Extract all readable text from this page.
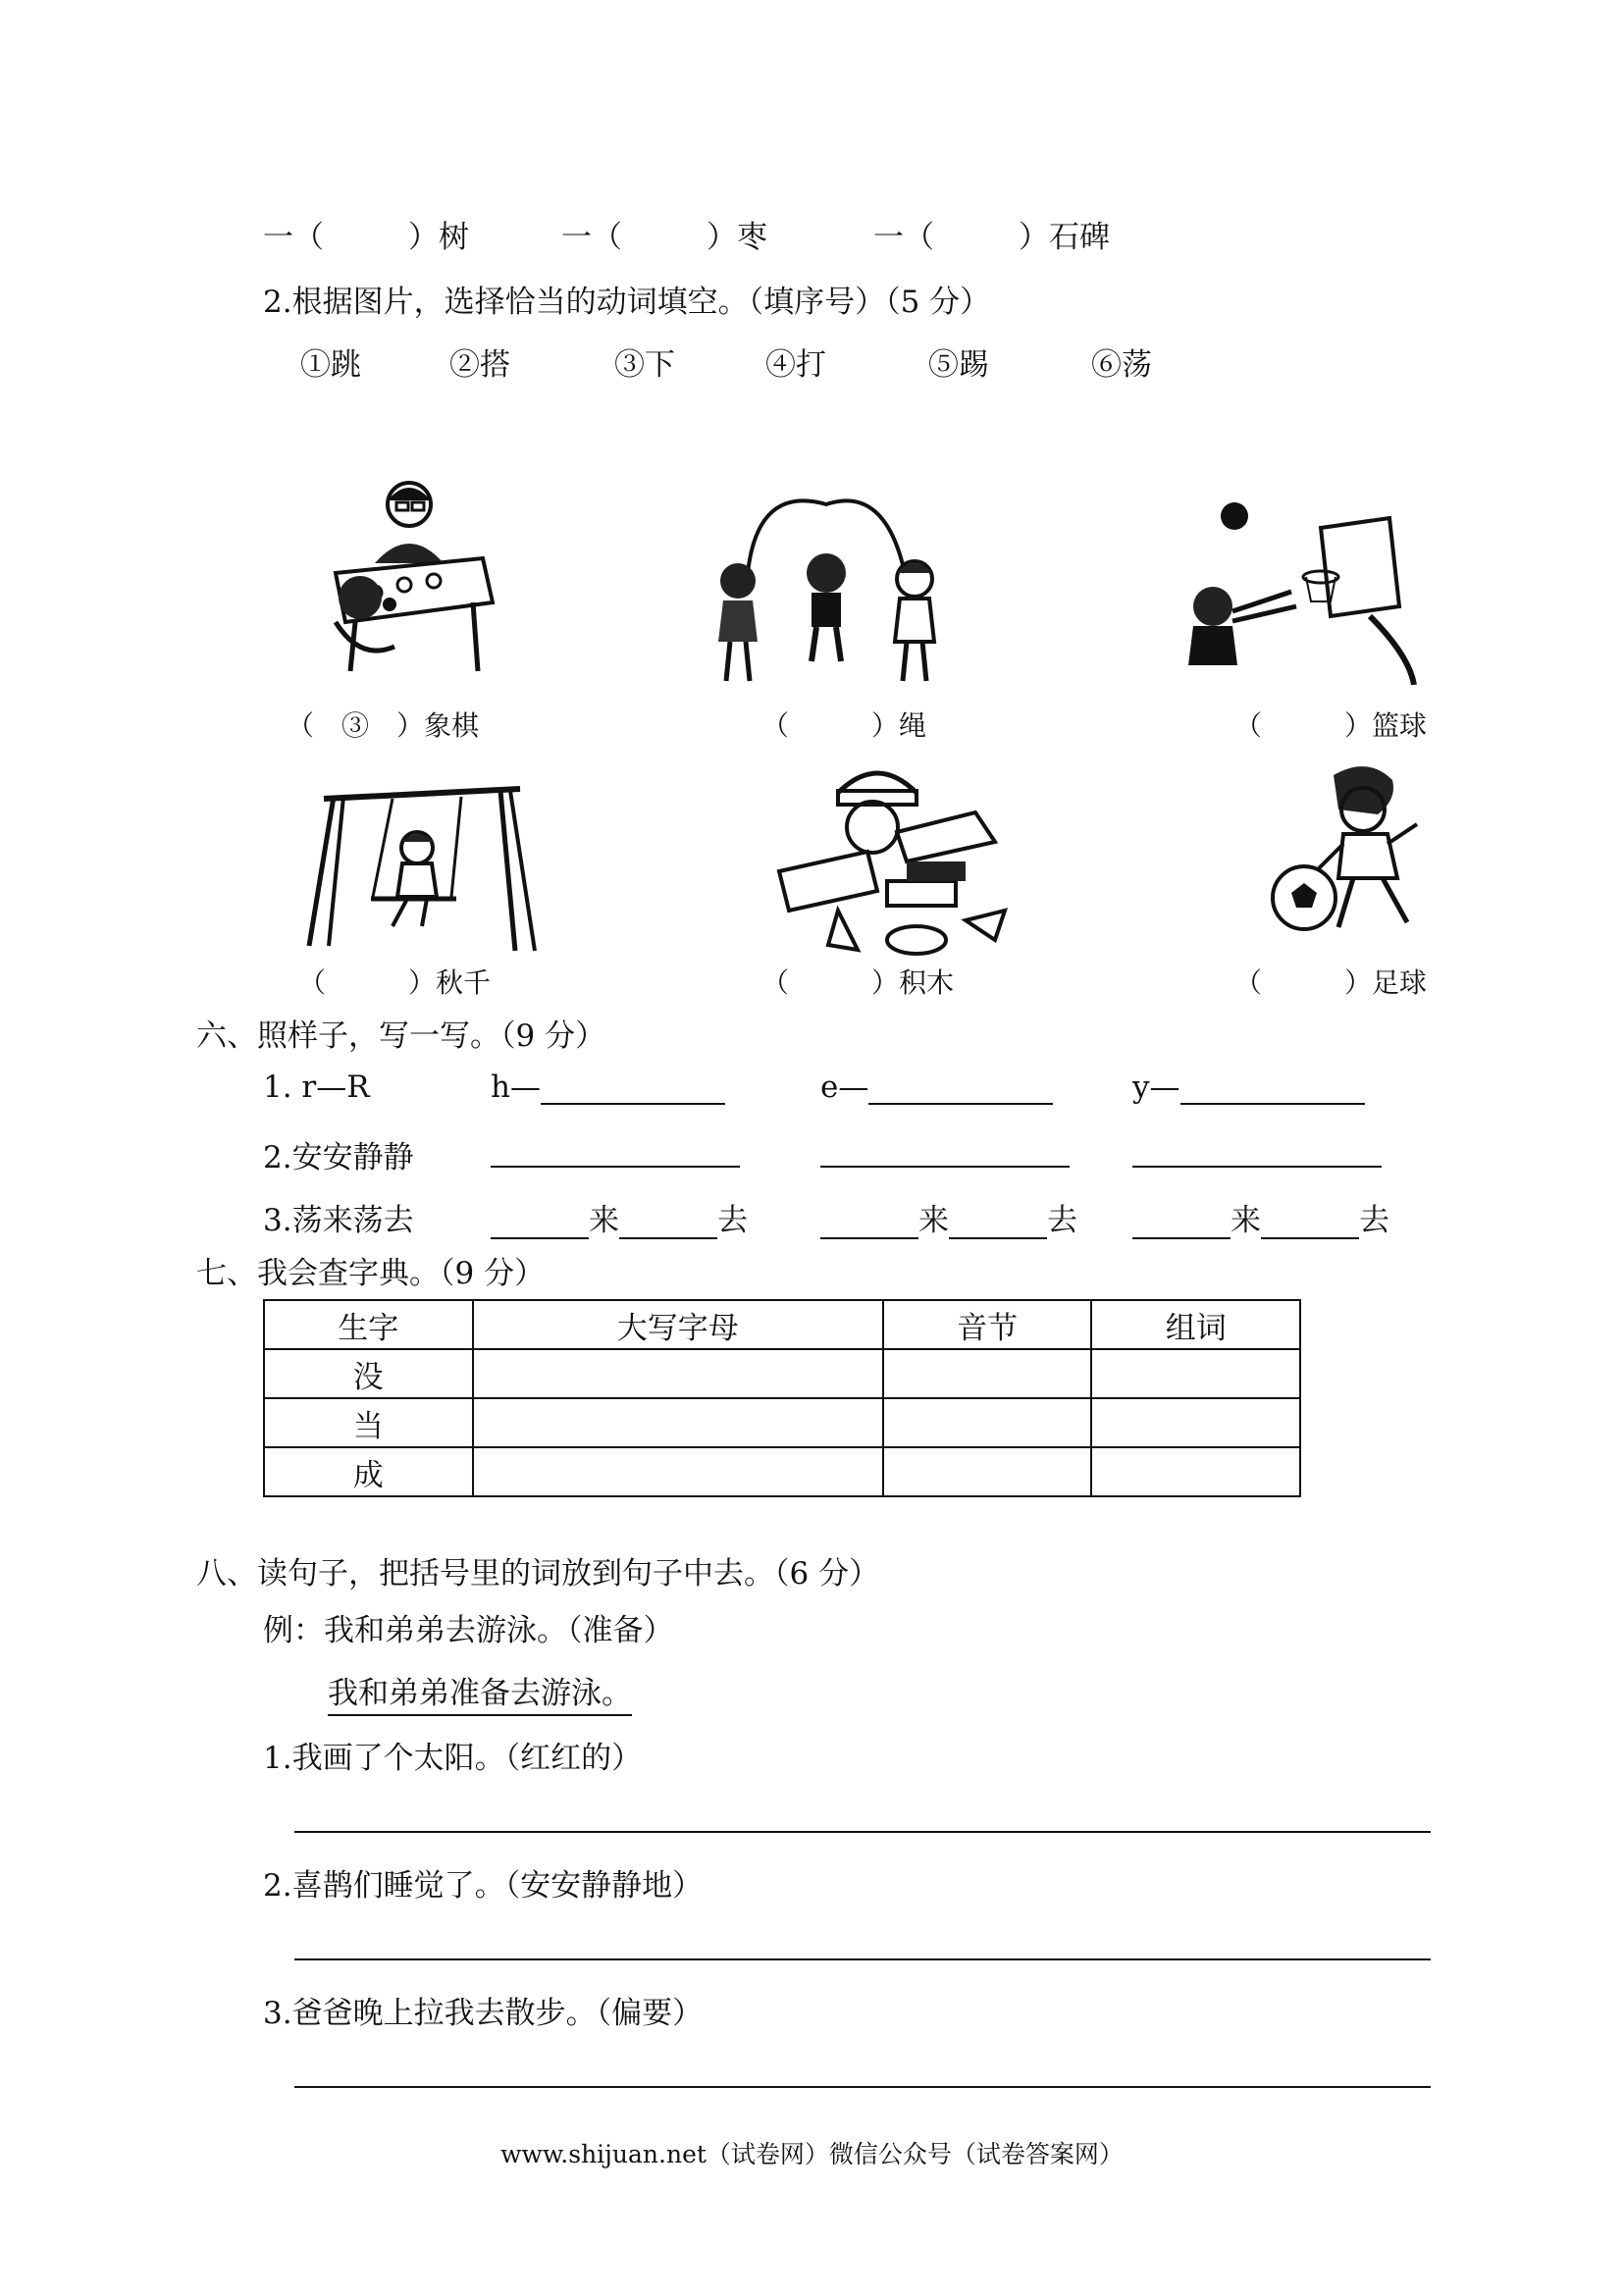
一（	）树	一（	）枣	一（	）石碑
2.根据图片，选择恰当的动词填空。（填序号）（5 分）
①跳	②搭	③下	④打	⑤踢	⑥荡
（　③　）象棋	（　　　）绳	（　　　）篮球
（　　　）秋千	（　　　）积木	（　　　）足球
六、照样子，写一写。（9 分）
1. r—R	h—	e—	y—
2.安安静静
3.荡来荡去	来	去	来	去	来	去
七、我会查字典。（9 分）
生字	大写字母	音节	组词
没			
当			
成			
八、读句子，把括号里的词放到句子中去。（6 分）
例：我和弟弟去游泳。（准备）
我和弟弟准备去游泳。
1.我画了个太阳。（红红的）
2.喜鹊们睡觉了。（安安静静地）
3.爸爸晚上拉我去散步。（偏要）
www.shijuan.net（试卷网）微信公众号（试卷答案网）
